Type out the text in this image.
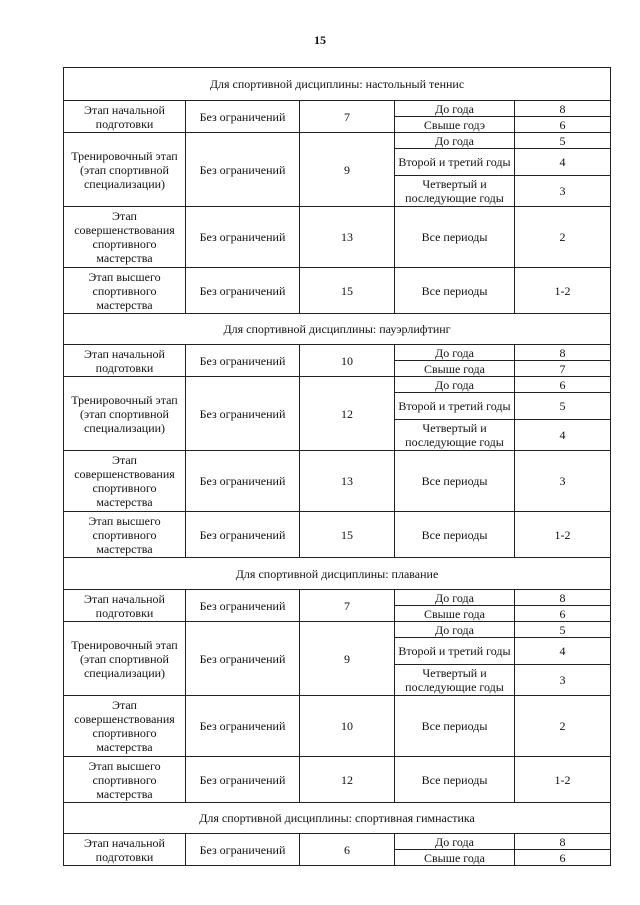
15
Для спортивной дисциплины: настольный теннис				
Этап начальной подготовки	Без ограничений	7	До года	8
			Свыше годэ	6
Тренировочный этап (этап спортивной специализации)	Без ограничений	9	До года	5
			Второй и третий годы	4
			Четвертый и последующие годы	3
Этап совершенствования спортивного мастерства	Без ограничений	13	Все периоды	2
Этап высшего спортивного мастерства	Без ограничений	15	Все периоды	1-2
Для спортивной дисциплины: пауэрлифтинг				
Этап начальной подготовки	Без ограничений	10	До года	8
			Свыше года	7
Тренировочный этап (этап спортивной специализации)	Без ограничений	12	До года	6
			Второй и третий годы	5
			Четвертый и последующие годы	4
Этап совершенствования спортивного мастерства	Без ограничений	13	Все периоды	3
Этап высшего спортивного мастерства	Без ограничений	15	Все периоды	1-2
Для спортивной дисциплины: плавание				
Этап начальной подготовки	Без ограничений	7	До года	8
			Свыше года	6
Тренировочный этап (этап спортивной специализации)	Без ограничений	9	До года	5
			Второй и третий годы	4
			Четвертый и последующие годы	3
Этап совершенствования спортивного мастерства	Без ограничений	10	Все периоды	2
Этап высшего спортивного мастерства	Без ограничений	12	Все периоды	1-2
Для спортивной дисциплины: спортивная гимнастика				
Этап начальной подготовки	Без ограничений	6	До года	8
			Свыше года	6
